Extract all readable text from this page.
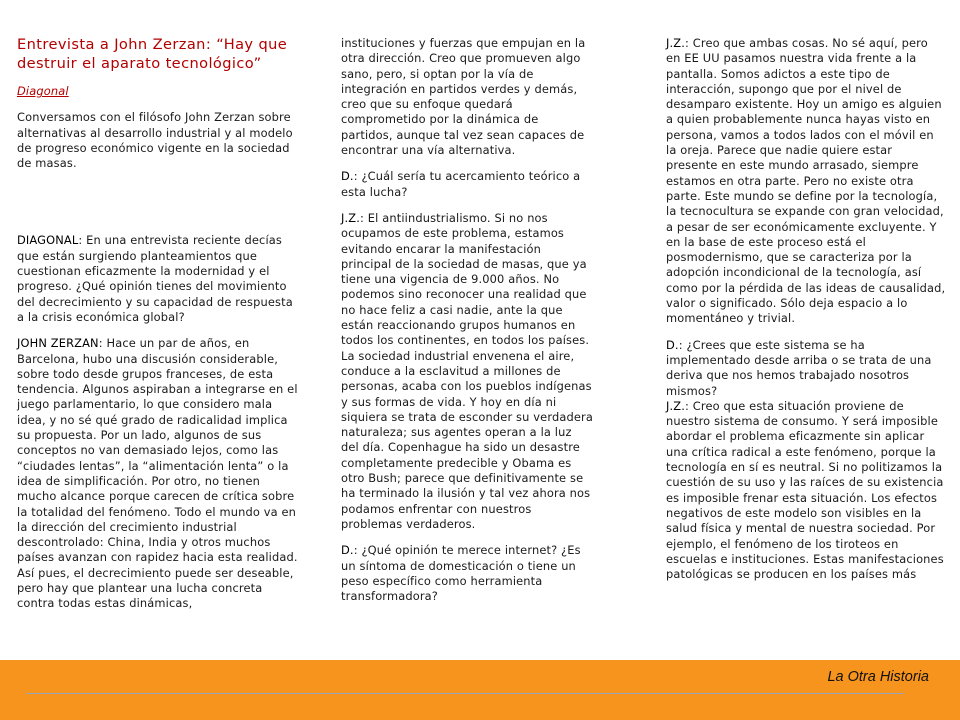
Entrevista a John Zerzan: “Hay que destruir el aparato tecnológico”

Diagonal

Conversamos con el filósofo John Zerzan sobre alternativas al desarrollo industrial y al modelo de progreso económico vigente en la sociedad de masas.

DIAGONAL: En una entrevista reciente decías que están surgiendo planteamientos que cuestionan eficazmente la modernidad y el progreso. ¿Qué opinión tienes del movimiento del decrecimiento y su capacidad de respuesta a la crisis económica global?

JOHN ZERZAN: Hace un par de años, en Barcelona, hubo una discusión considerable, sobre todo desde grupos franceses, de esta tendencia. Algunos aspiraban a integrarse en el juego parlamentario, lo que considero mala idea, y no sé qué grado de radicalidad implica su propuesta. Por un lado, algunos de sus conceptos no van demasiado lejos, como las “ciudades lentas”, la “alimentación lenta” o la idea de simplificación. Por otro, no tienen mucho alcance porque carecen de crítica sobre la totalidad del fenómeno. Todo el mundo va en la dirección del crecimiento industrial descontrolado: China, India y otros muchos países avanzan con rapidez hacia esta realidad. Así pues, el decrecimiento puede ser deseable, pero hay que plantear una lucha concreta contra todas estas dinámicas,

instituciones y fuerzas que empujan en la otra dirección. Creo que promueven algo sano, pero, si optan por la vía de integración en partidos verdes y demás, creo que su enfoque quedará comprometido por la dinámica de partidos, aunque tal vez sean capaces de encontrar una vía alternativa.

D.: ¿Cuál sería tu acercamiento teórico a esta lucha?

J.Z.: El antiindustrialismo. Si no nos ocupamos de este problema, estamos evitando encarar la manifestación principal de la sociedad de masas, que ya tiene una vigencia de 9.000 años. No podemos sino reconocer una realidad que no hace feliz a casi nadie, ante la que están reaccionando grupos humanos en todos los continentes, en todos los países. La sociedad industrial envenena el aire, conduce a la esclavitud a millones de personas, acaba con los pueblos indígenas y sus formas de vida. Y hoy en día ni siquiera se trata de esconder su verdadera naturaleza; sus agentes operan a la luz del día. Copenhague ha sido un desastre completamente predecible y Obama es otro Bush; parece que definitivamente se ha terminado la ilusión y tal vez ahora nos podamos enfrentar con nuestros problemas verdaderos.

D.: ¿Qué opinión te merece internet? ¿Es un síntoma de domesticación o tiene un peso específico como herramienta transformadora?

J.Z.: Creo que ambas cosas. No sé aquí, pero en EE UU pasamos nuestra vida frente a la pantalla. Somos adictos a este tipo de interacción, supongo que por el nivel de desamparo existente. Hoy un amigo es alguien a quien probablemente nunca hayas visto en persona, vamos a todos lados con el móvil en la oreja. Parece que nadie quiere estar presente en este mundo arrasado, siempre estamos en otra parte. Pero no existe otra parte. Este mundo se define por la tecnología, la tecnocultura se expande con gran velocidad, a pesar de ser económicamente excluyente. Y en la base de este proceso está el posmodernismo, que se caracteriza por la adopción incondicional de la tecnología, así como por la pérdida de las ideas de causalidad, valor o significado. Sólo deja espacio a lo momentáneo y trivial.

D.: ¿Crees que este sistema se ha implementado desde arriba o se trata de una deriva que nos hemos trabajado nosotros mismos?

J.Z.: Creo que esta situación proviene de nuestro sistema de consumo. Y será imposible abordar el problema eficazmente sin aplicar una crítica radical a este fenómeno, porque la tecnología en sí es neutral. Si no politizamos la cuestión de su uso y las raíces de su existencia es imposible frenar esta situación. Los efectos negativos de este modelo son visibles en la salud física y mental de nuestra sociedad. Por ejemplo, el fenómeno de los tiroteos en escuelas e instituciones. Estas manifestaciones patológicas se producen en los países más

La Otra Historia
